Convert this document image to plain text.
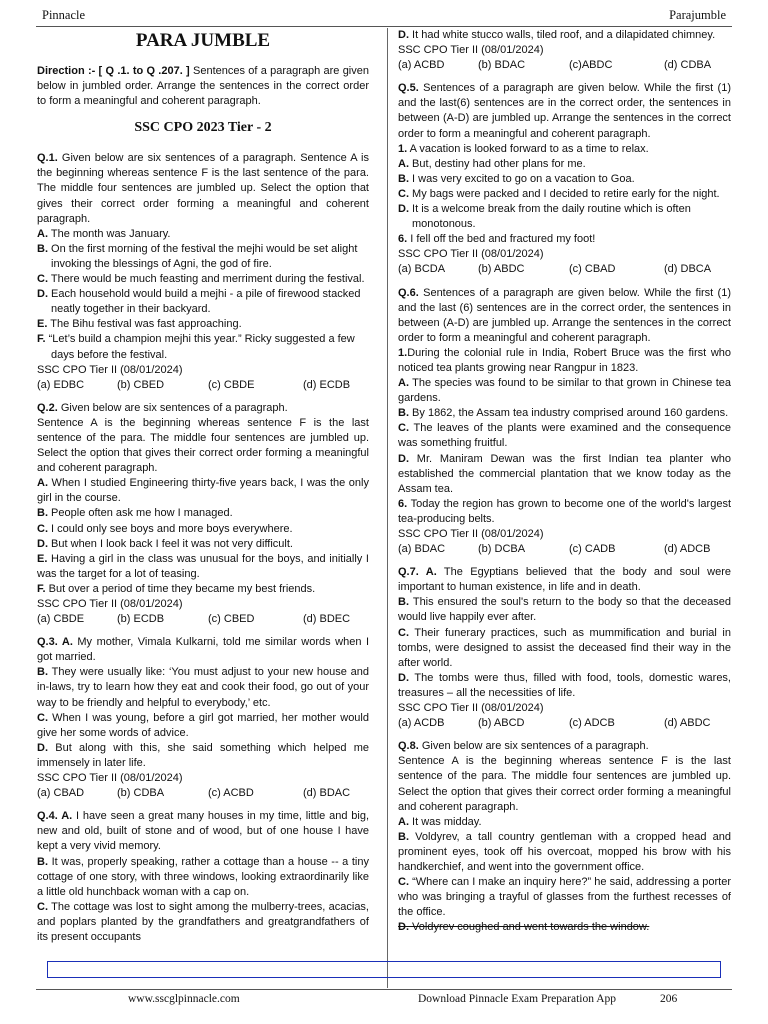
Pinnacle	Parajumble

PARA JUMBLE

Direction :- [ Q .1. to Q .207. ] Sentences of a paragraph are given below in jumbled order. Arrange the sentences in the correct order to form a meaningful and coherent paragraph.

SSC CPO 2023 Tier - 2

Q.1. Given below are six sentences of a paragraph. Sentence A is the beginning whereas sentence F is the last sentence of the para. The middle four sentences are jumbled up. Select the option that gives their correct order forming a meaningful and coherent paragraph.

A. The month was January.

B. On the first morning of the festival the mejhi would be set alight invoking the blessings of Agni, the god of fire.

C. There would be much feasting and merriment during the festival.

D. Each household would build a mejhi - a pile of firewood stacked neatly together in their backyard.

E. The Bihu festival was fast approaching.

F. “Let’s build a champion mejhi this year.” Ricky suggested a few days before the festival.

SSC CPO Tier II (08/01/2024)

(a) EDBC	(b) CBED	(c) CBDE	(d) ECDB

Q.2. Given below are six sentences of a paragraph.

Sentence A is the beginning whereas sentence F is the last sentence of the para. The middle four sentences are jumbled up. Select the option that gives their correct order forming a meaningful and coherent paragraph.

A. When I studied Engineering thirty-five years back, I was the only girl in the course.

B. People often ask me how I managed.

C. I could only see boys and more boys everywhere.

D. But when I look back I feel it was not very difficult.

E. Having a girl in the class was unusual for the boys, and initially I was the target for a lot of teasing.

F. But over a period of time they became my best friends.

SSC CPO Tier II (08/01/2024)

(a) CBDE	(b) ECDB	(c) CBED	(d) BDEC

Q.3. A. My mother, Vimala Kulkarni, told me similar words when I got married.

B. They were usually like: ‘You must adjust to your new house and in-laws, try to learn how they eat and cook their food, go out of your way to be friendly and helpful to everybody,’ etc.

C. When I was young, before a girl got married, her mother would give her some words of advice.

D. But along with this, she said something which helped me immensely in later life.

SSC CPO Tier II (08/01/2024)

(a) CBAD	(b) CDBA	(c) ACBD	(d) BDAC

Q.4. A. I have seen a great many houses in my time, little and big, new and old, built of stone and of wood, but of one house I have kept a very vivid memory.

B. It was, properly speaking, rather a cottage than a house -- a tiny cottage of one story, with three windows, looking extraordinarily like a little old hunchback woman with a cap on.

C. The cottage was lost to sight among the mulberry-trees, acacias, and poplars planted by the grandfathers and greatgrandfathers of its present occupants

D. It had white stucco walls, tiled roof, and a dilapidated chimney.

SSC CPO Tier II (08/01/2024)

(a) ACBD	(b) BDAC	(c)ABDC	(d) CDBA

Q.5. Sentences of a paragraph are given below. While the first (1) and the last(6) sentences are in the correct order, the sentences in between (A-D) are jumbled up. Arrange the sentences in the correct order to form a meaningful and coherent paragraph.

1. A vacation is looked forward to as a time to relax.

A. But, destiny had other plans for me.

B. I was very excited to go on a vacation to Goa.

C. My bags were packed and I decided to retire early for the night.

D. It is a welcome break from the daily routine which is often monotonous.

6. I fell off the bed and fractured my foot!

SSC CPO Tier II (08/01/2024)

(a) BCDA	(b) ABDC	(c) CBAD	(d) DBCA

Q.6. Sentences of a paragraph are given below. While the first (1) and the last (6) sentences are in the correct order, the sentences in between (A-D) are jumbled up. Arrange the sentences in the correct order to form a meaningful and coherent paragraph.

1.During the colonial rule in India, Robert Bruce was the first who noticed tea plants growing near Rangpur in 1823.

A. The species was found to be similar to that grown in Chinese tea gardens.

B. By 1862, the Assam tea industry comprised around 160 gardens.

C. The leaves of the plants were examined and the consequence was something fruitful.

D. Mr. Maniram Dewan was the first Indian tea planter who established the commercial plantation that we know today as the Assam tea.

6. Today the region has grown to become one of the world's largest tea-producing belts.

SSC CPO Tier II (08/01/2024)

(a) BDAC	(b) DCBA	(c) CADB	(d) ADCB

Q.7. A. The Egyptians believed that the body and soul were important to human existence, in life and in death.

B. This ensured the soul's return to the body so that the deceased would live happily ever after.

C. Their funerary practices, such as mummification and burial in tombs, were designed to assist the deceased find their way in the after world.

D. The tombs were thus, filled with food, tools, domestic wares, treasures – all the necessities of life.

SSC CPO Tier II (08/01/2024)

(a) ACDB	(b) ABCD	(c) ADCB	(d) ABDC

Q.8. Given below are six sentences of a paragraph.

Sentence A is the beginning whereas sentence F is the last sentence of the para. The middle four sentences are jumbled up. Select the option that gives their correct order forming a meaningful and coherent paragraph.

A. It was midday.

B. Voldyrev, a tall country gentleman with a cropped head and prominent eyes, took off his overcoat, mopped his brow with his handkerchief, and went into the government office.

C. “Where can I make an inquiry here?” he said, addressing a porter who was bringing a trayful of glasses from the furthest recesses of the office.

D. Voldyrev coughed and went towards the window.

www.sscglpinnacle.com	Download Pinnacle Exam Preparation App	206
